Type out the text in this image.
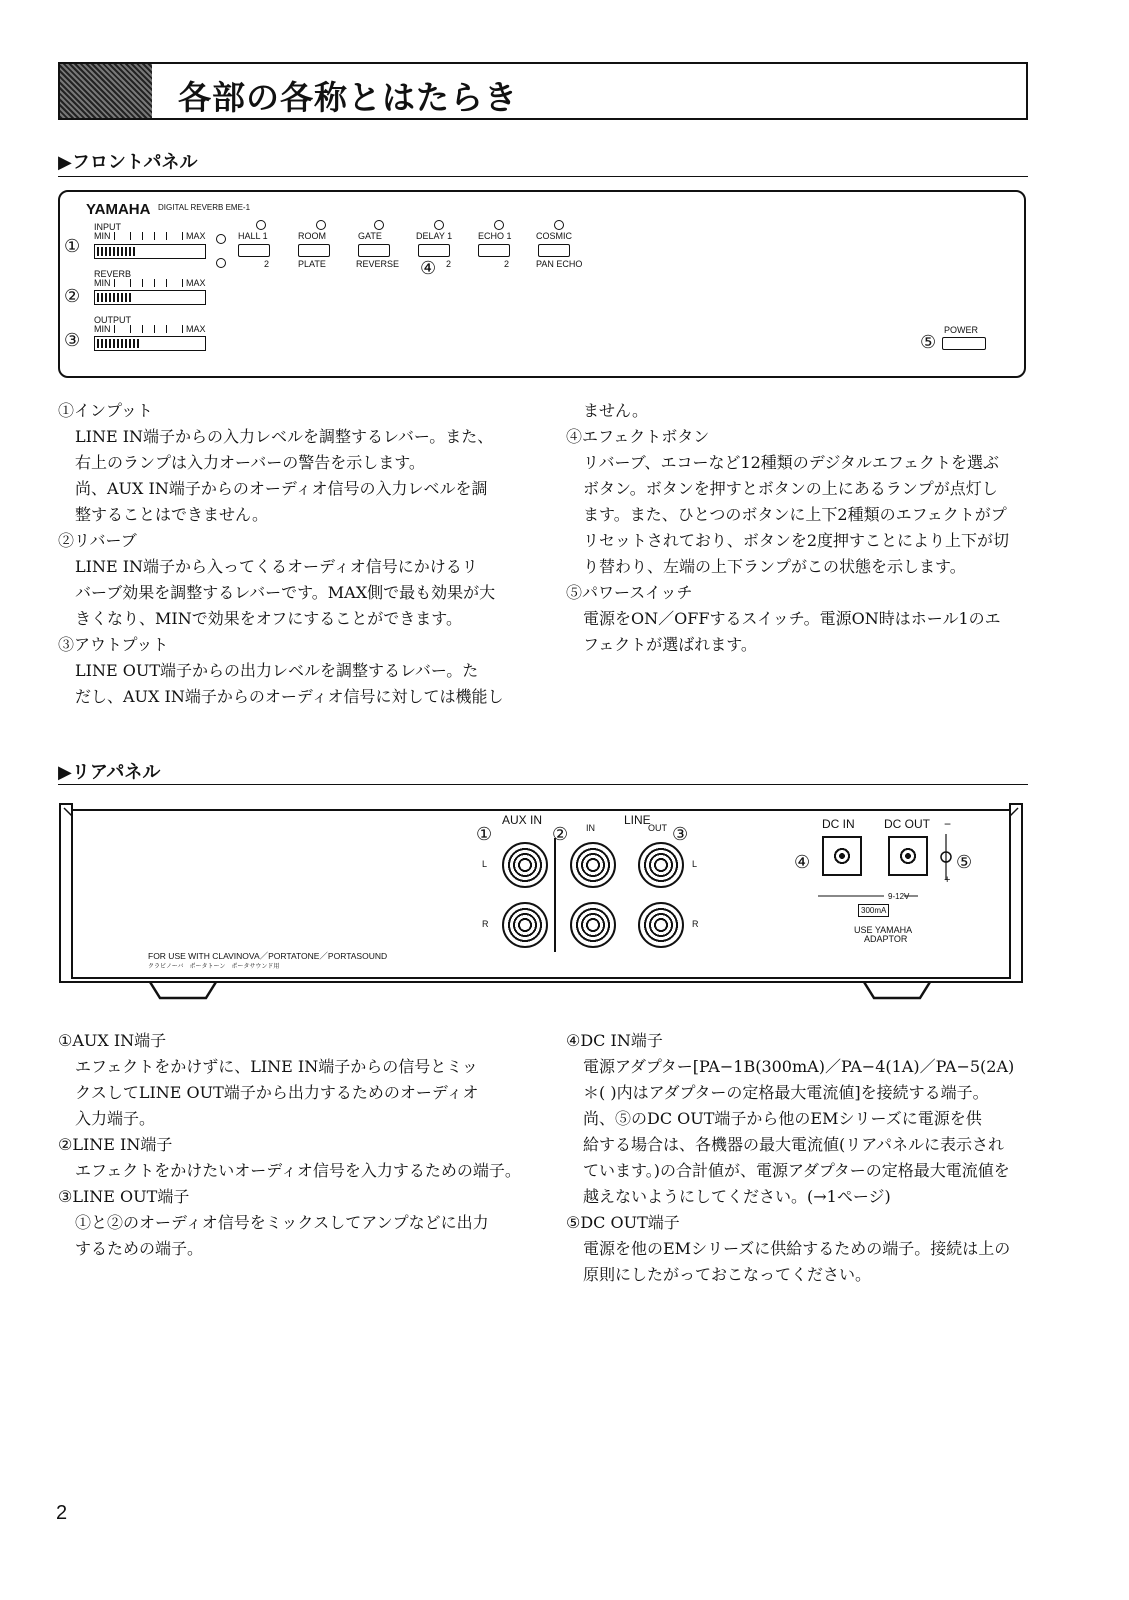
各部の各称とはたらき
▶フロントパネル
YAMAHA DIGITAL REVERB EME-1
①
INPUT
MIN	MAX
②
REVERB
MIN	MAX
③
OUTPUT
MIN	MAX
HALL 1
2
ROOM
PLATE
GATE
REVERSE
DELAY 1
④ 2
ECHO 1
2
COSMIC
PAN ECHO
POWER
⑤
①インプット
LINE IN端子からの入力レベルを調整するレバー。また、
右上のランプは入力オーバーの警告を示します。
尚、AUX IN端子からのオーディオ信号の入力レベルを調
整することはできません。
②リバーブ
LINE IN端子から入ってくるオーディオ信号にかけるリ
バーブ効果を調整するレバーです。MAX側で最も効果が大
きくなり、MINで効果をオフにすることができます。
③アウトプット
LINE OUT端子からの出力レベルを調整するレバー。た
だし、AUX IN端子からのオーディオ信号に対しては機能し
ません。
④エフェクトボタン
リバーブ、エコーなど12種類のデジタルエフェクトを選ぶ
ボタン。ボタンを押すとボタンの上にあるランプが点灯し
ます。また、ひとつのボタンに上下2種類のエフェクトがプ
リセットされており、ボタンを2度押すことにより上下が切
り替わり、左端の上下ランプがこの状態を示します。
⑤パワースイッチ
電源をON／OFFするスイッチ。電源ON時はホール1のエ
フェクトが選ばれます。
▶リアパネル
AUX IN	LINE
IN	OUT
①	②	③
L
R
L
R
DC IN DC OUT
④
−
+
⑤
9-12V
300mA
USE YAMAHA
ADAPTOR
FOR USE WITH CLAVINOVA／PORTATONE／PORTASOUND
クラビノーバ　ポータトーン　ポータサウンド用
①AUX IN端子
エフェクトをかけずに、LINE IN端子からの信号とミッ
クスしてLINE OUT端子から出力するためのオーディオ
入力端子。
②LINE IN端子
エフェクトをかけたいオーディオ信号を入力するための端子。
③LINE OUT端子
①と②のオーディオ信号をミックスしてアンプなどに出力
するための端子。
④DC IN端子
電源アダプター[PA−1B(300mA)／PA−4(1A)／PA−5(2A)
＊( )内はアダプターの定格最大電流値]を接続する端子。
尚、⑤のDC OUT端子から他のEMシリーズに電源を供
給する場合は、各機器の最大電流値(リアパネルに表示され
ています。)の合計値が、電源アダプターの定格最大電流値を
越えないようにしてください。(→1ページ)
⑤DC OUT端子
電源を他のEMシリーズに供給するための端子。接続は上の
原則にしたがっておこなってください。
2
